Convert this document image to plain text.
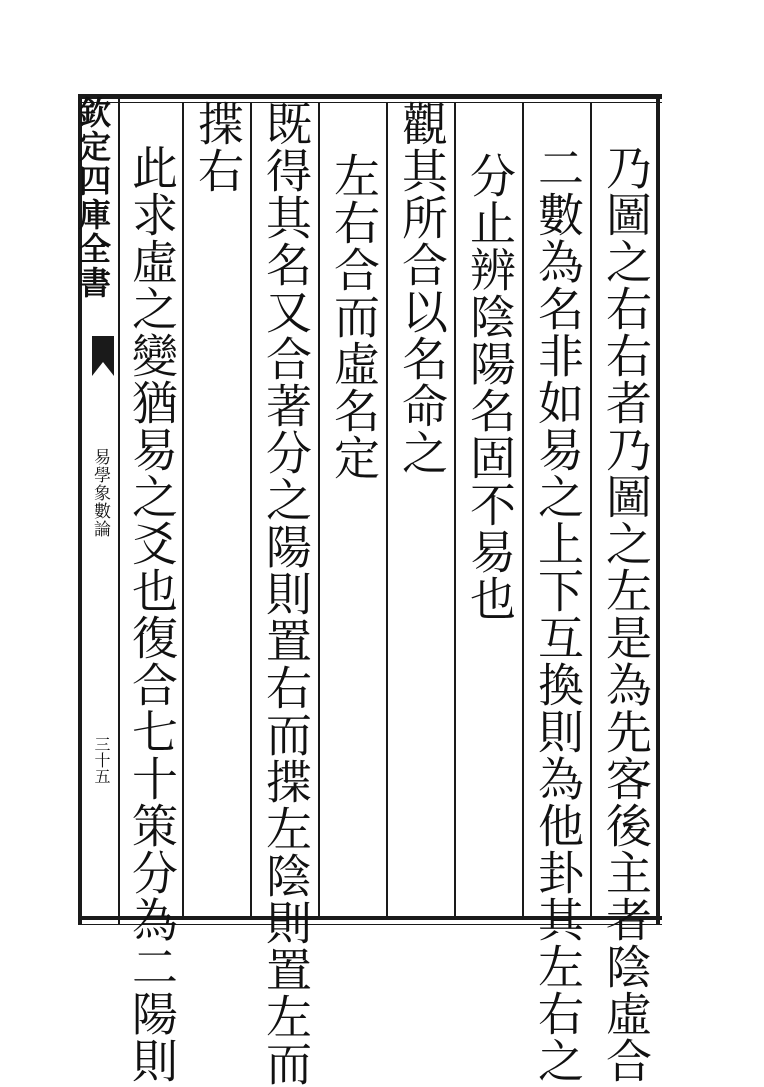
欽定四庫全書
易學象數論
三十五	乃圖之右右者乃圖之左是為先客後主者陰虛合
二數為名非如易之上下互換則為他卦其左右之
分止辨陰陽名固不易也
觀其所合以名命之
左右合而虛名定
既得其名又合著分之陽則置右而揲左陰則置左而
揲右
此求虛之變猶易之爻也復合七十策分為二陽則
